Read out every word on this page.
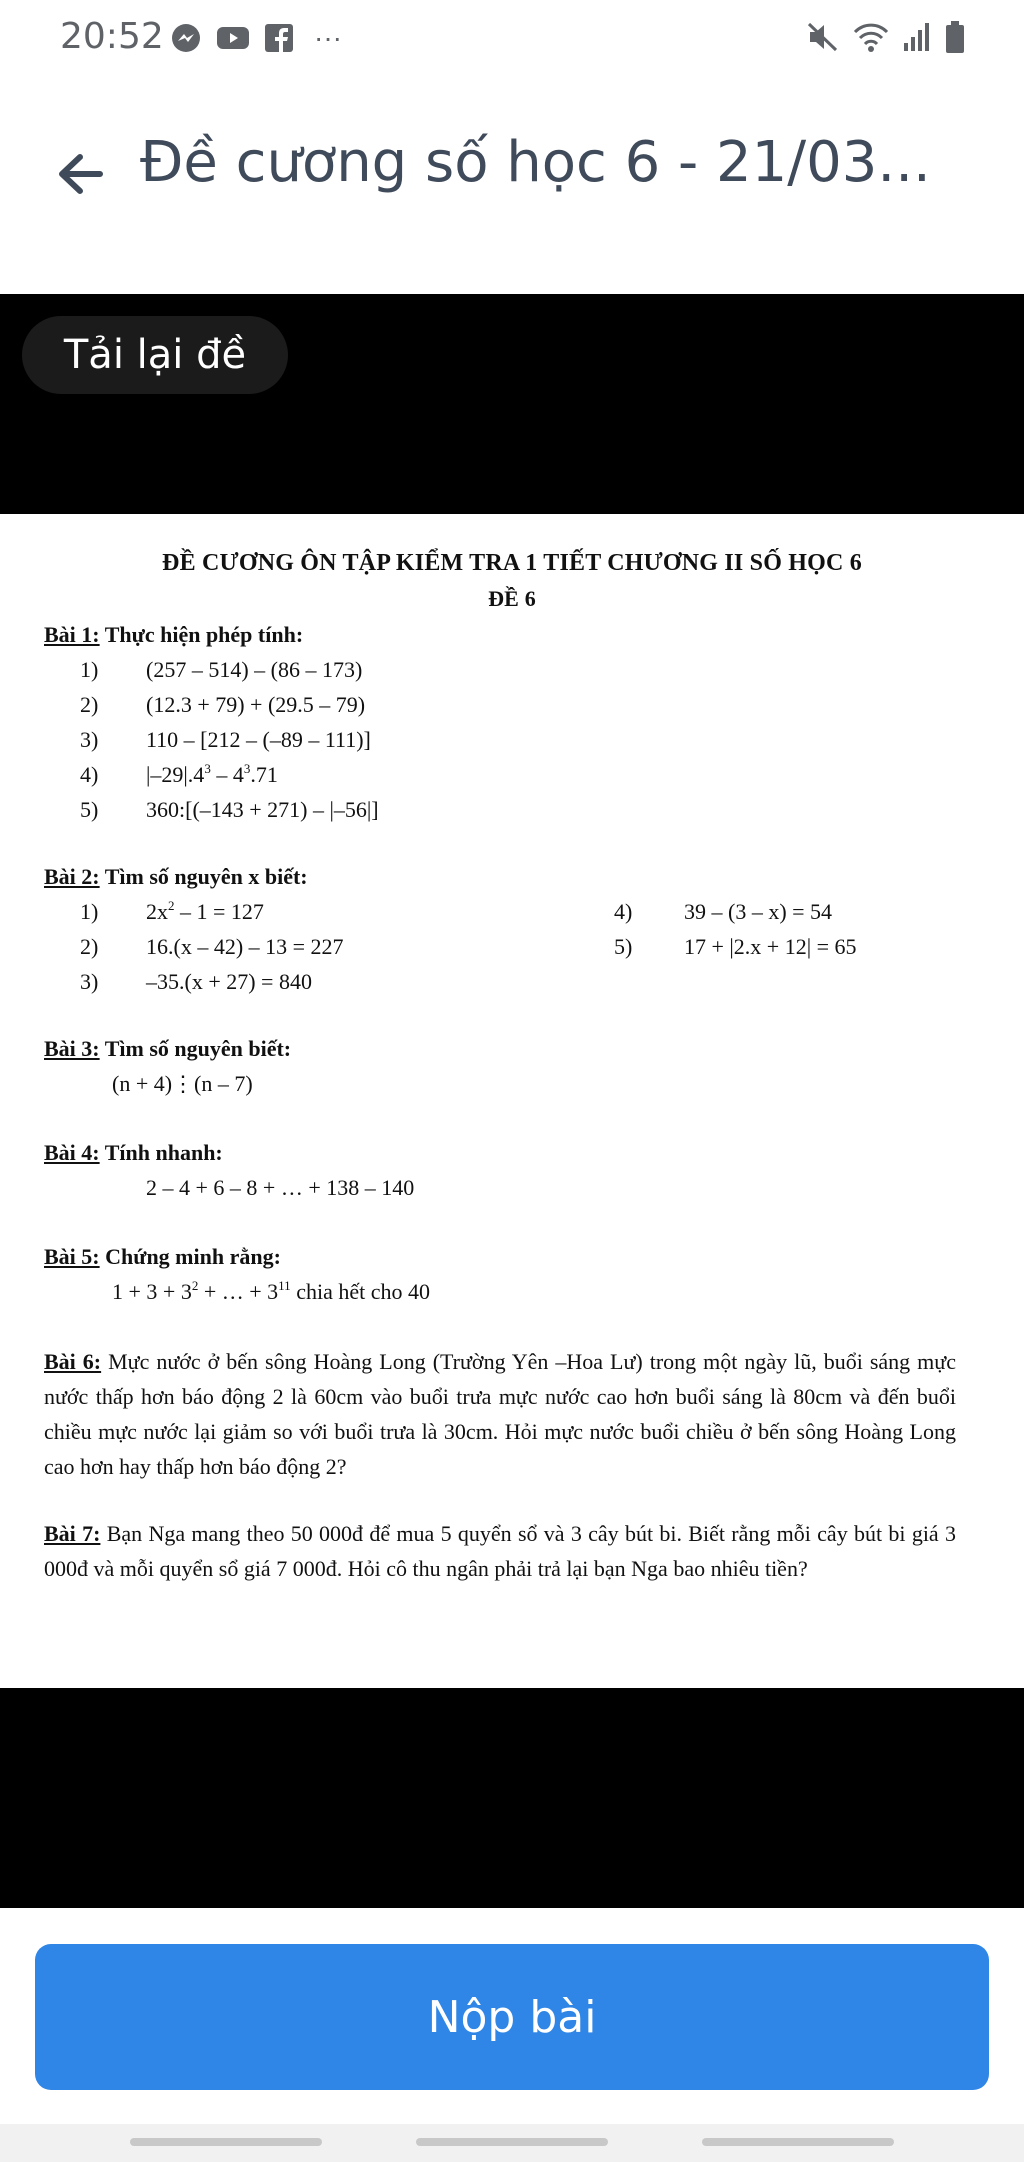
20:52	···
Đề cương số học 6 - 21/03...
Tải lại đề
ĐỀ CƯƠNG ÔN TẬP KIỂM TRA 1 TIẾT CHƯƠNG II SỐ HỌC 6
ĐỀ 6
Bài 1: Thực hiện phép tính:
1) (257 – 514) – (86 – 173)
2) (12.3 + 79) + (29.5 – 79)
3) 110 – [212 – (–89 – 111)]
4) $|-29|.4^3 - 4^3.71$
5) 360:[(–143 + 271) – |–56|]
Bài 2: Tìm số nguyên x biết:
1) $2x^2 - 1 = 127$	4) 39 – (3 – x) = 54
2) 16.(x – 42) – 13 = 227	5) 17 + |2.x + 12| = 65
3) –35.(x + 27) = 840
Bài 3: Tìm số nguyên biết:
(n + 4)⋮(n – 7)
Bài 4: Tính nhanh:
2 – 4 + 6 – 8 + … + 138 – 140
Bài 5: Chứng minh rằng:
$1 + 3 + 3^2$ + … + $3^{11}$ chia hết cho 40
Bài 6: Mực nước ở bến sông Hoàng Long (Trường Yên –Hoa Lư) trong một ngày lũ, buổi sáng mực nước thấp hơn báo động 2 là 60cm vào buổi trưa mực nước cao hơn buổi sáng là 80cm và đến buổi chiều mực nước lại giảm so với buổi trưa là 30cm. Hỏi mực nước buổi chiều ở bến sông Hoàng Long cao hơn hay thấp hơn báo động 2?
Bài 7: Bạn Nga mang theo 50 000đ để mua 5 quyển sổ và 3 cây bút bi. Biết rằng mỗi cây bút bi giá 3 000đ và mỗi quyển sổ giá 7 000đ. Hỏi cô thu ngân phải trả lại bạn Nga bao nhiêu tiền?
Nộp bài
